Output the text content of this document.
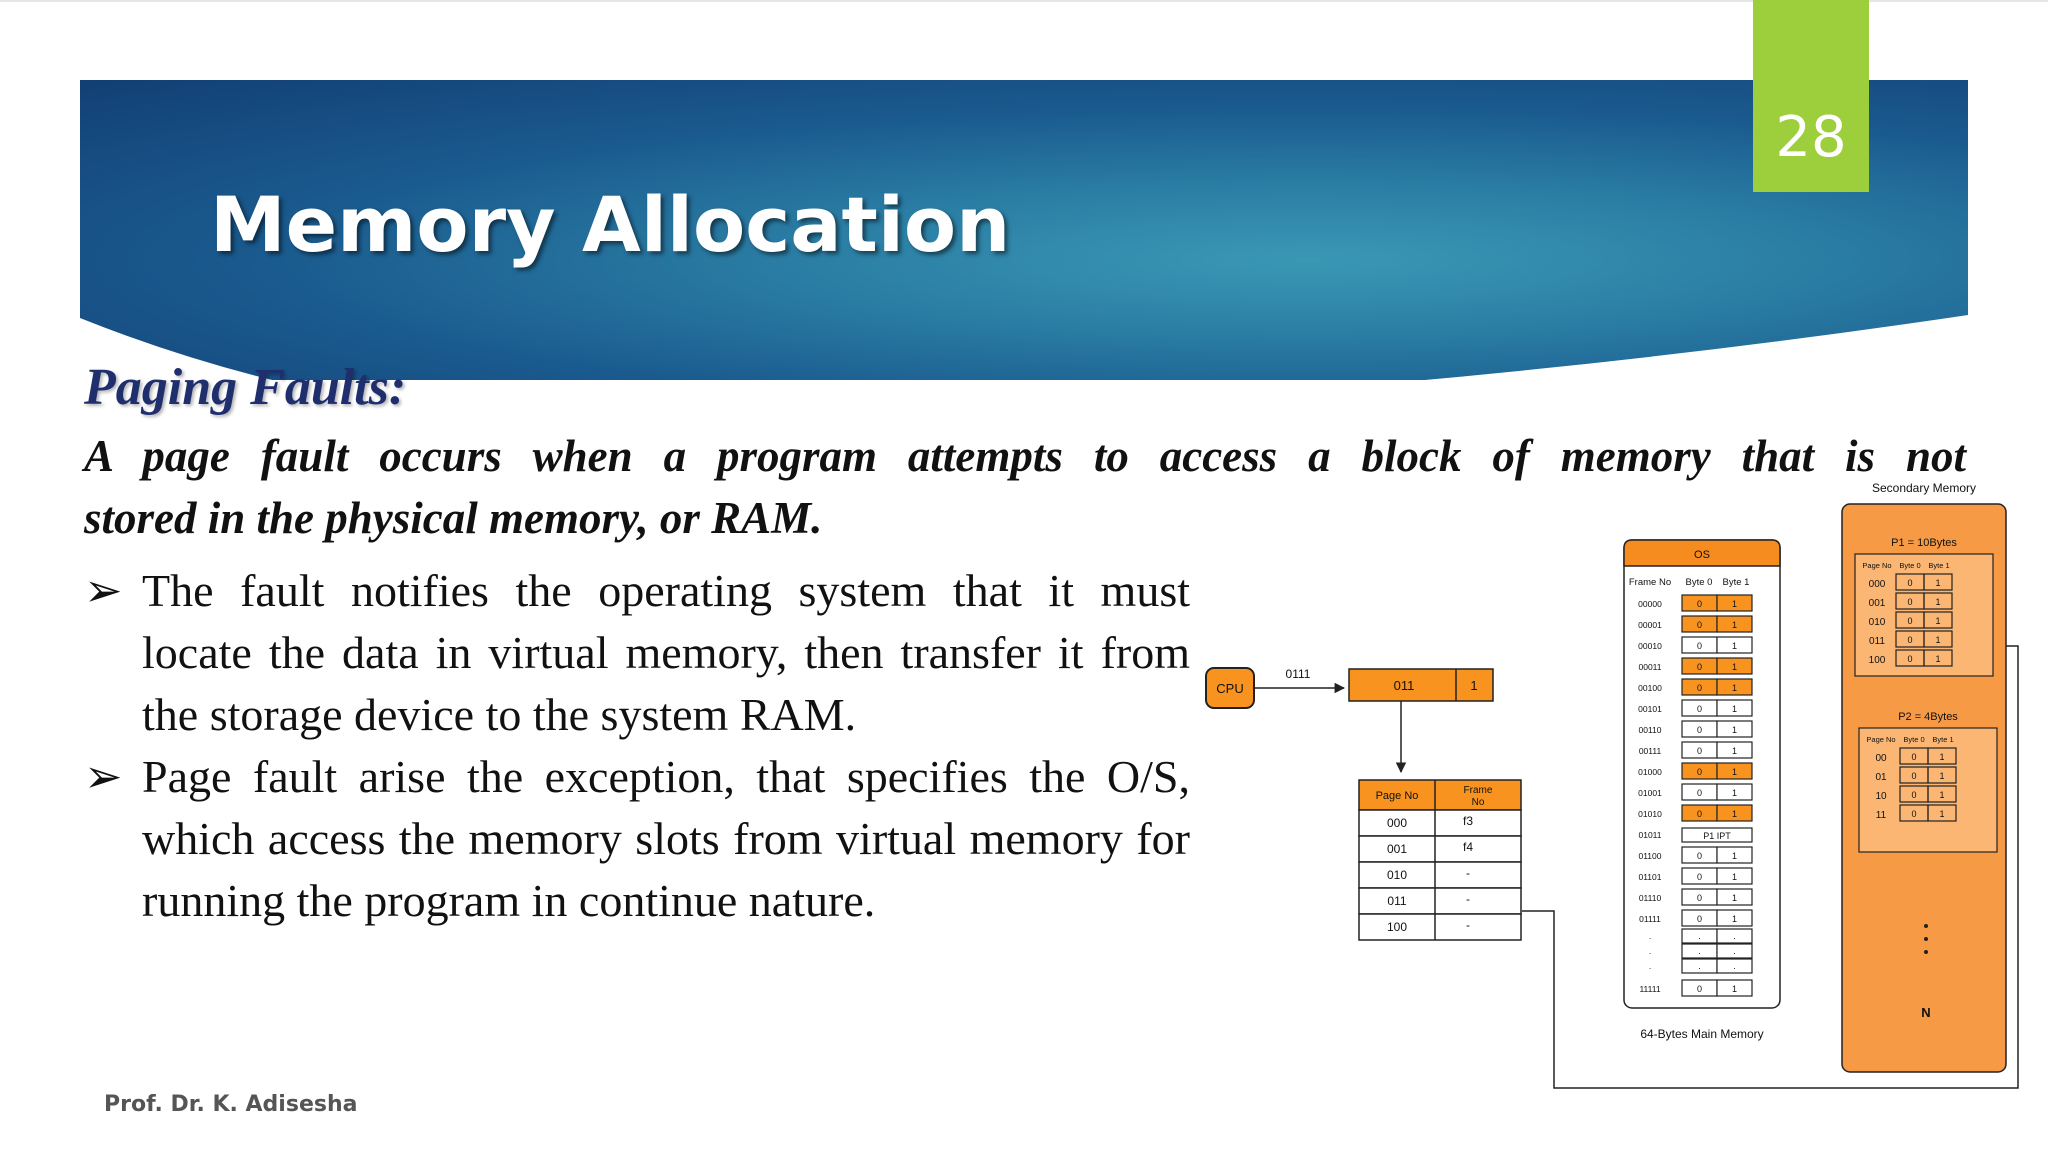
28
Memory Allocation
Paging Faults:
A page fault occurs when a program attempts to access a block of memory that is not
stored in the physical memory, or RAM.
➢ The fault notifies the operating system that it must locate the data in virtual memory, then transfer it from the storage device to the system RAM.
➢ Page fault arise the exception, that specifies the O/S, which access the memory slots from virtual memory for running the program in continue nature.
Prof. Dr. K. Adisesha
CPU
0111
011	1
Page No	Frame
No
000	f3
001	f4
010	-
011	-
100	-
OS
Frame No Byte 0 Byte 1
00000	0	1
00001	0	1
00010	0	1
00011	0	1
00100	0	1
00101	0	1
00110	0	1
00111	0	1
01000	0	1
01001	0	1
01010	0	1
01011	P1 IPT
01100	0	1
01101	0	1
01110	0	1
01111	0	1
.	.	.
.	.	.
.	.	.
11111	0	1
64-Bytes Main Memory
Secondary Memory
P1 = 10Bytes
Page No Byte 0 Byte 1
000 0	1
001 0	1
010 0	1
011	0	1
100 0	1
P2 = 4Bytes
Page No Byte 0 Byte 1
00	0	1
01	0	1
10	0	1
11	0	1
N
